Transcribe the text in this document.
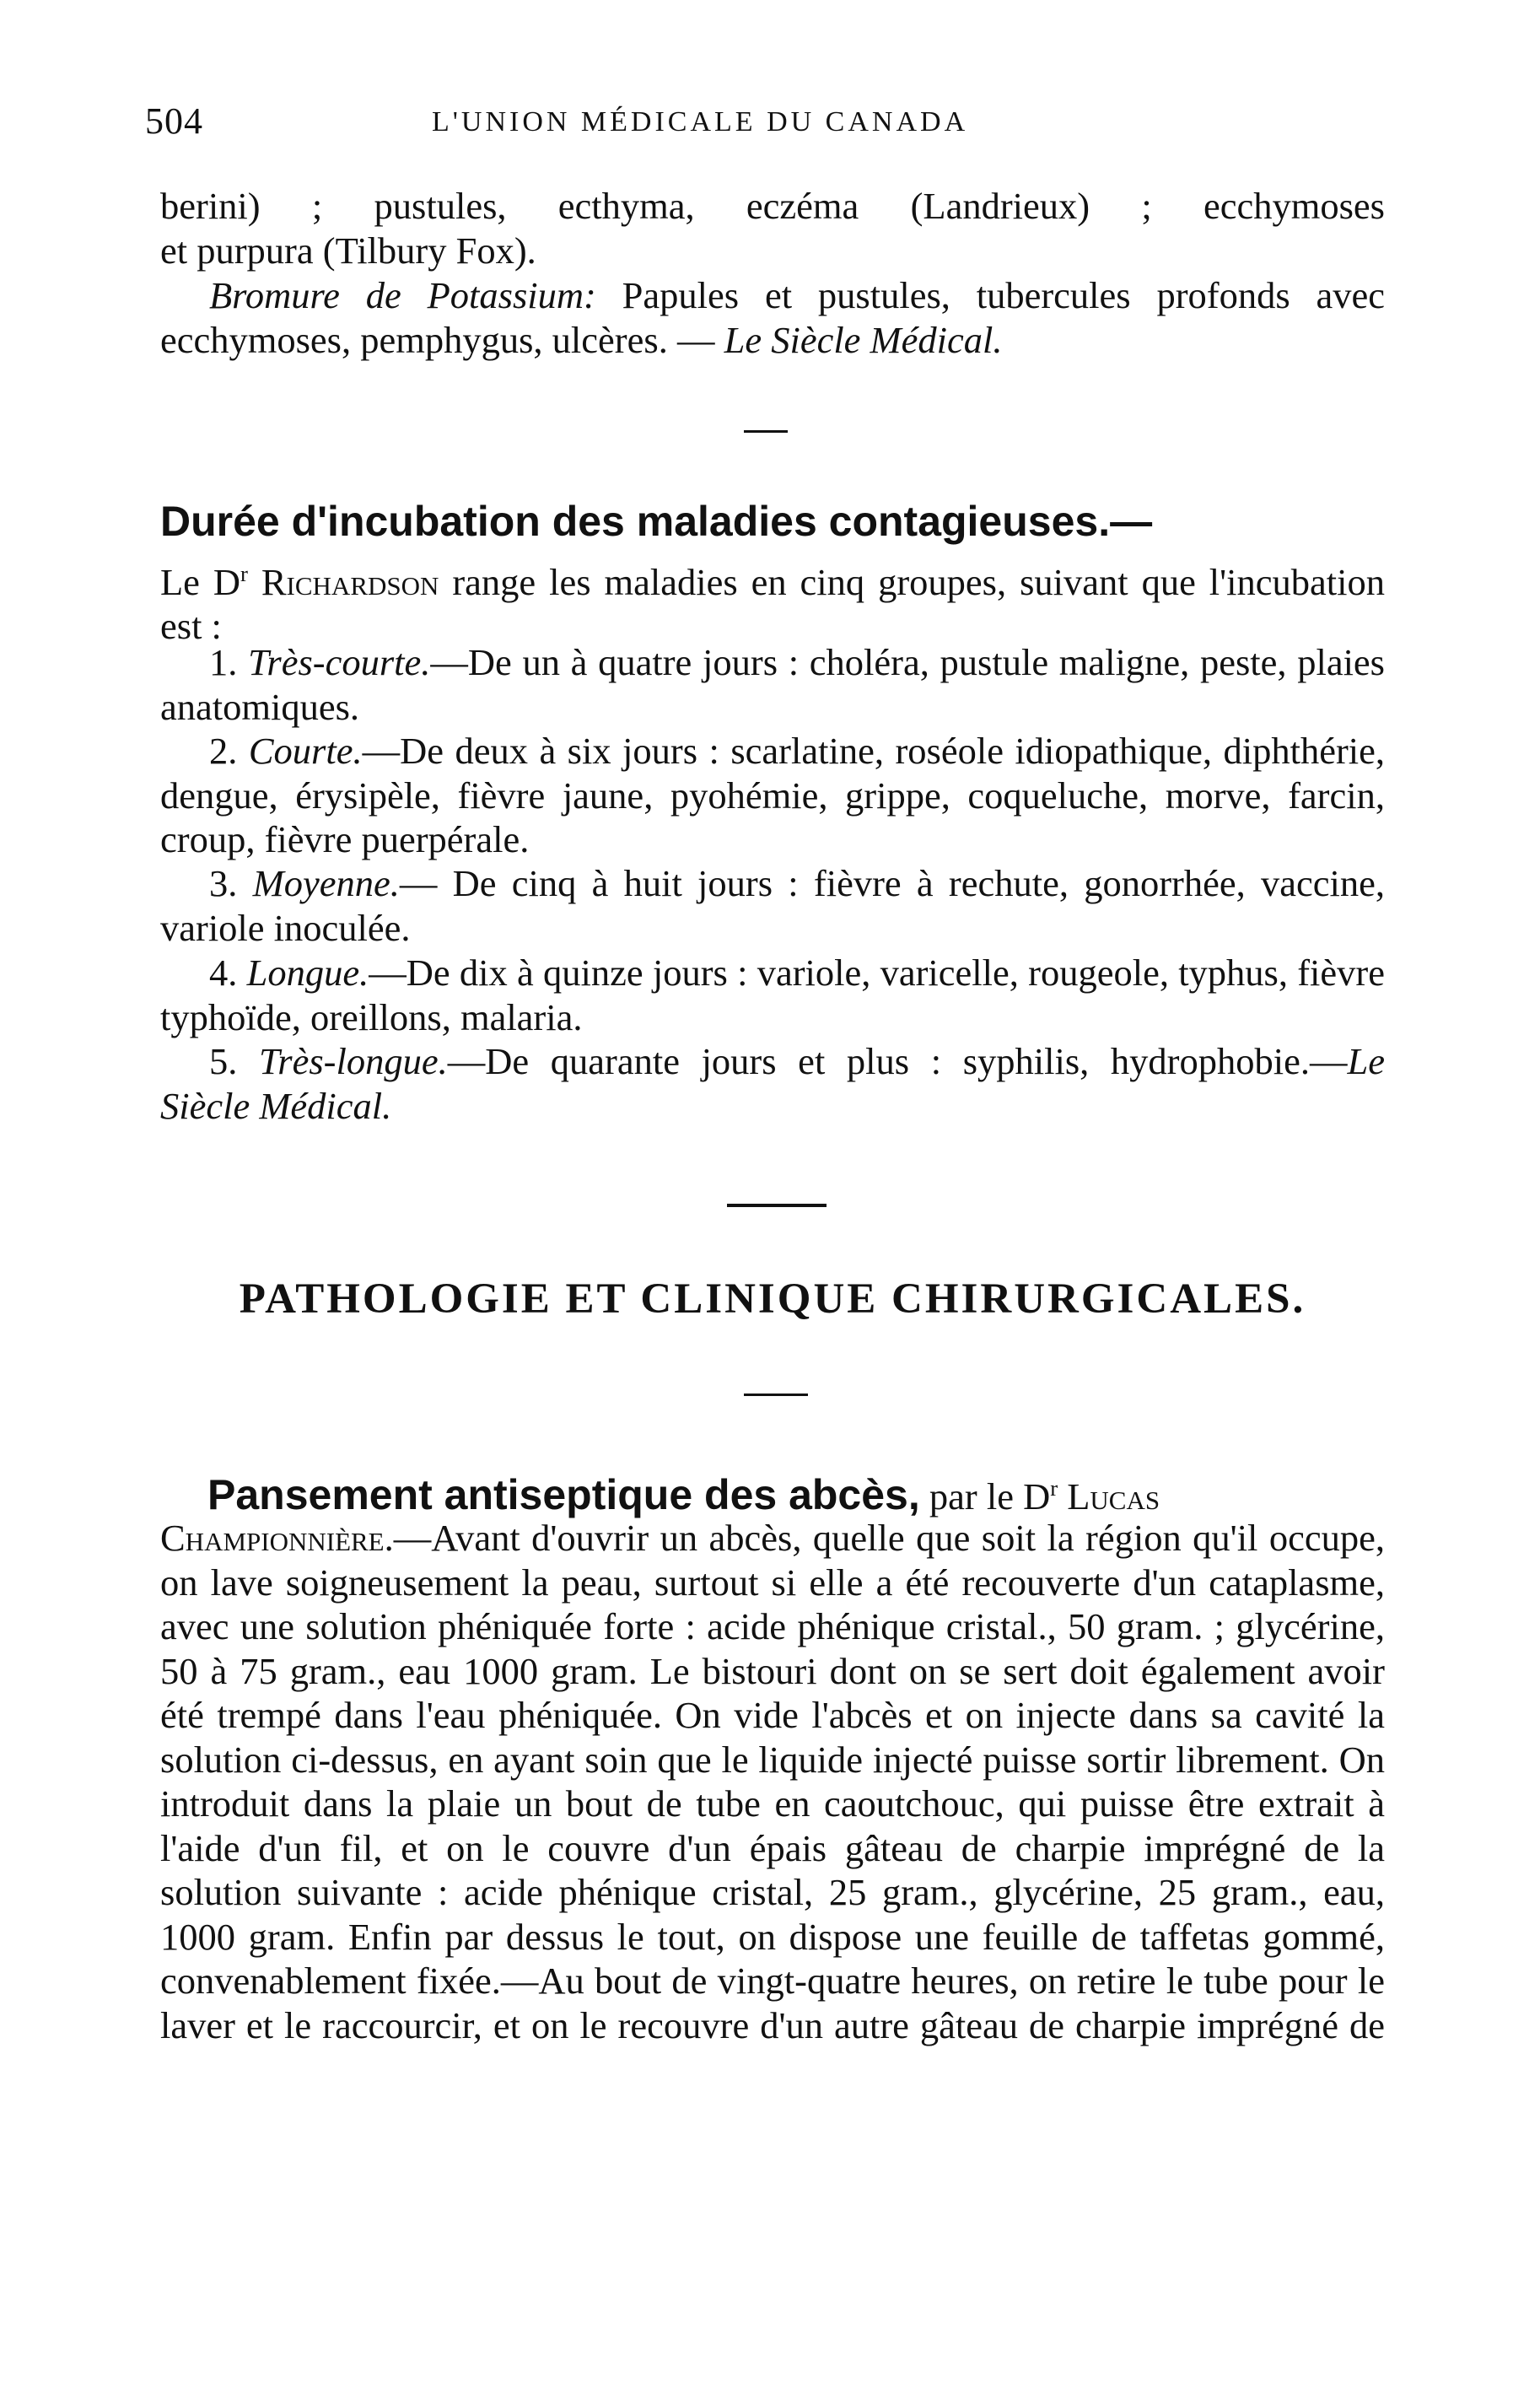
504	L'UNION MÉDICALE DU CANADA
berini) ; pustules, ecthyma, eczéma (Landrieux) ; ecchymoses
et purpura (Tilbury Fox).

Bromure de Potassium: Papules et pustules, tubercules profonds avec ecchymoses, pemphygus, ulcères. — Le Siècle Médical.

Durée d'incubation des maladies contagieuses.—

Le $D^r$ Richardson range les maladies en cinq groupes, suivant que l'incubation est :

1. Très-courte.—De un à quatre jours : choléra, pustule maligne, peste, plaies anatomiques.

2. Courte.—De deux à six jours : scarlatine, roséole idiopathique, diphthérie, dengue, érysipèle, fièvre jaune, pyohémie, grippe, coqueluche, morve, farcin, croup, fièvre puerpérale.

3. Moyenne.— De cinq à huit jours : fièvre à rechute, gonorrhée, vaccine, variole inoculée.

4. Longue.—De dix à quinze jours : variole, varicelle, rougeole, typhus, fièvre typhoïde, oreillons, malaria.

5. Très-longue.—De quarante jours et plus : syphilis, hydrophobie.—Le Siècle Médical.

PATHOLOGIE ET CLINIQUE CHIRURGICALES.
Pansement antiseptique des abcès, par le $D^r$ Lucas

Championnière.—Avant d'ouvrir un abcès, quelle que soit la région qu'il occupe, on lave soigneusement la peau, surtout si elle a été recouverte d'un cataplasme, avec une solution phéniquée forte : acide phénique cristal., 50 gram. ; glycérine, 50 à 75 gram., eau 1000 gram. Le bistouri dont on se sert doit également avoir été trempé dans l'eau phéniquée. On vide l'abcès et on injecte dans sa cavité la solution ci-dessus, en ayant soin que le liquide injecté puisse sortir librement. On introduit dans la plaie un bout de tube en caoutchouc, qui puisse être extrait à l'aide d'un fil, et on le couvre d'un épais gâteau de charpie imprégné de la solution suivante : acide phénique cristal, 25 gram., glycérine, 25 gram., eau, 1000 gram. Enfin par dessus le tout, on dispose une feuille de taffetas gommé, convenablement fixée.—Au bout de vingt-quatre heures, on retire le tube pour le laver et le raccourcir, et on le recouvre d'un autre gâteau de charpie imprégné de
